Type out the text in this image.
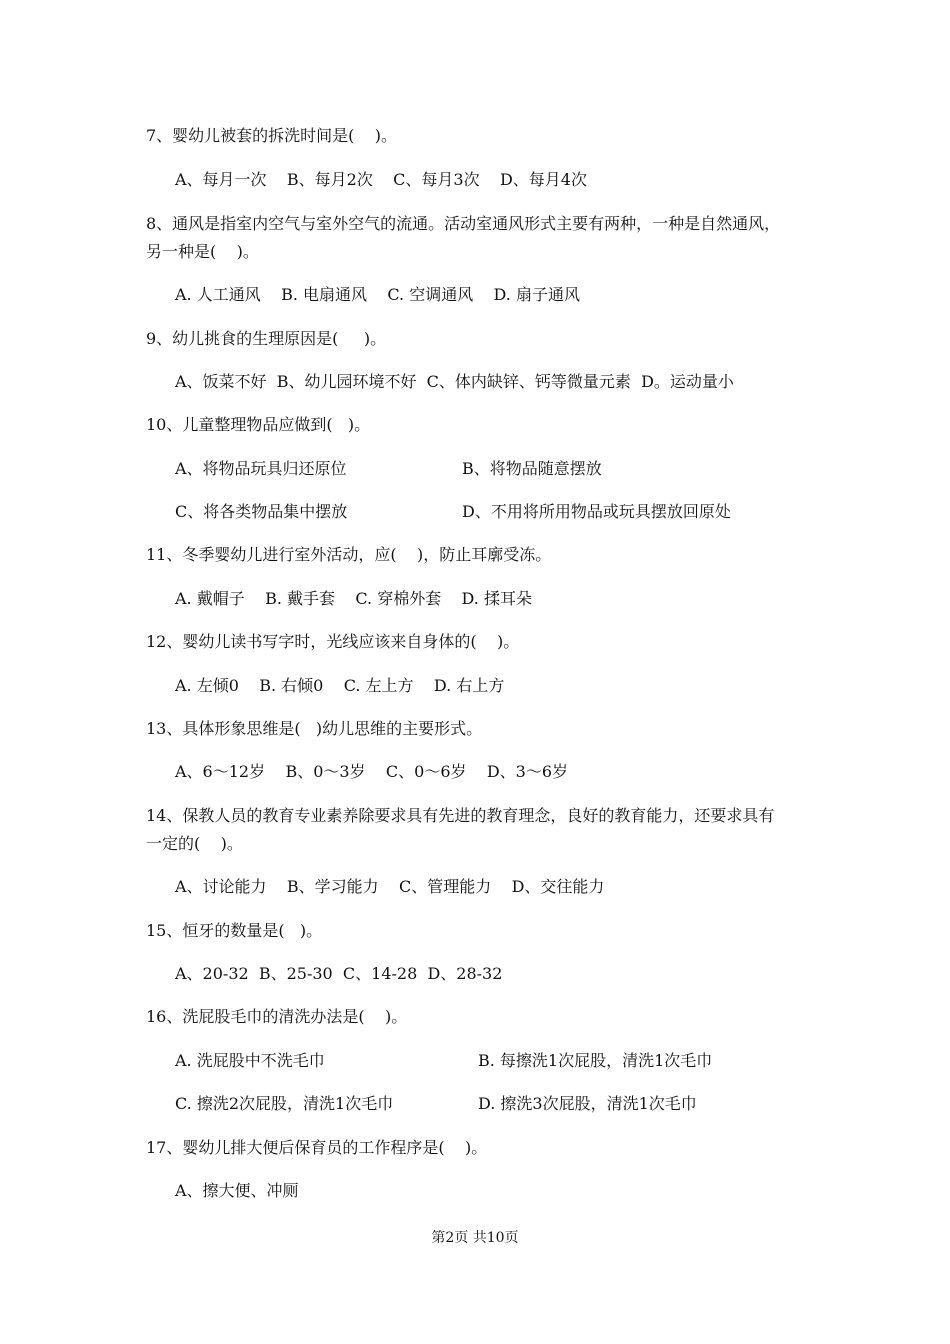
7、婴幼儿被套的拆洗时间是(    )。
A、每月一次    B、每月2次    C、每月3次    D、每月4次
8、通风是指室内空气与室外空气的流通。活动室通风形式主要有两种，一种是自然通风，
另一种是(    )。
A. 人工通风    B. 电扇通风    C. 空调通风    D. 扇子通风
9、幼儿挑食的生理原因是(     )。
A、饭菜不好  B、幼儿园环境不好  C、体内缺锌、钙等微量元素  D。运动量小
10、儿童整理物品应做到(   )。
A、将物品玩具归还原位	B、将物品随意摆放
C、将各类物品集中摆放	D、不用将所用物品或玩具摆放回原处
11、冬季婴幼儿进行室外活动，应(    )，防止耳廓受冻。
A. 戴帽子    B. 戴手套    C. 穿棉外套    D. 揉耳朵
12、婴幼儿读书写字时，光线应该来自身体的(    )。
A. 左倾0    B. 右倾0    C. 左上方    D. 右上方
13、具体形象思维是(   )幼儿思维的主要形式。
A、6～12岁    B、0～3岁    C、0～6岁    D、3～6岁
14、保教人员的教育专业素养除要求具有先进的教育理念，良好的教育能力，还要求具有
一定的(    )。
A、讨论能力    B、学习能力    C、管理能力    D、交往能力
15、恒牙的数量是(   )。
A、20-32  B、25-30  C、14-28  D、28-32
16、洗屁股毛巾的清洗办法是(    )。
A. 洗屁股中不洗毛巾	B. 每擦洗1次屁股，清洗1次毛巾
C. 擦洗2次屁股，清洗1次毛巾	D. 擦洗3次屁股，清洗1次毛巾
17、婴幼儿排大便后保育员的工作程序是(    )。
A、擦大便、冲厕
第2页 共10页
